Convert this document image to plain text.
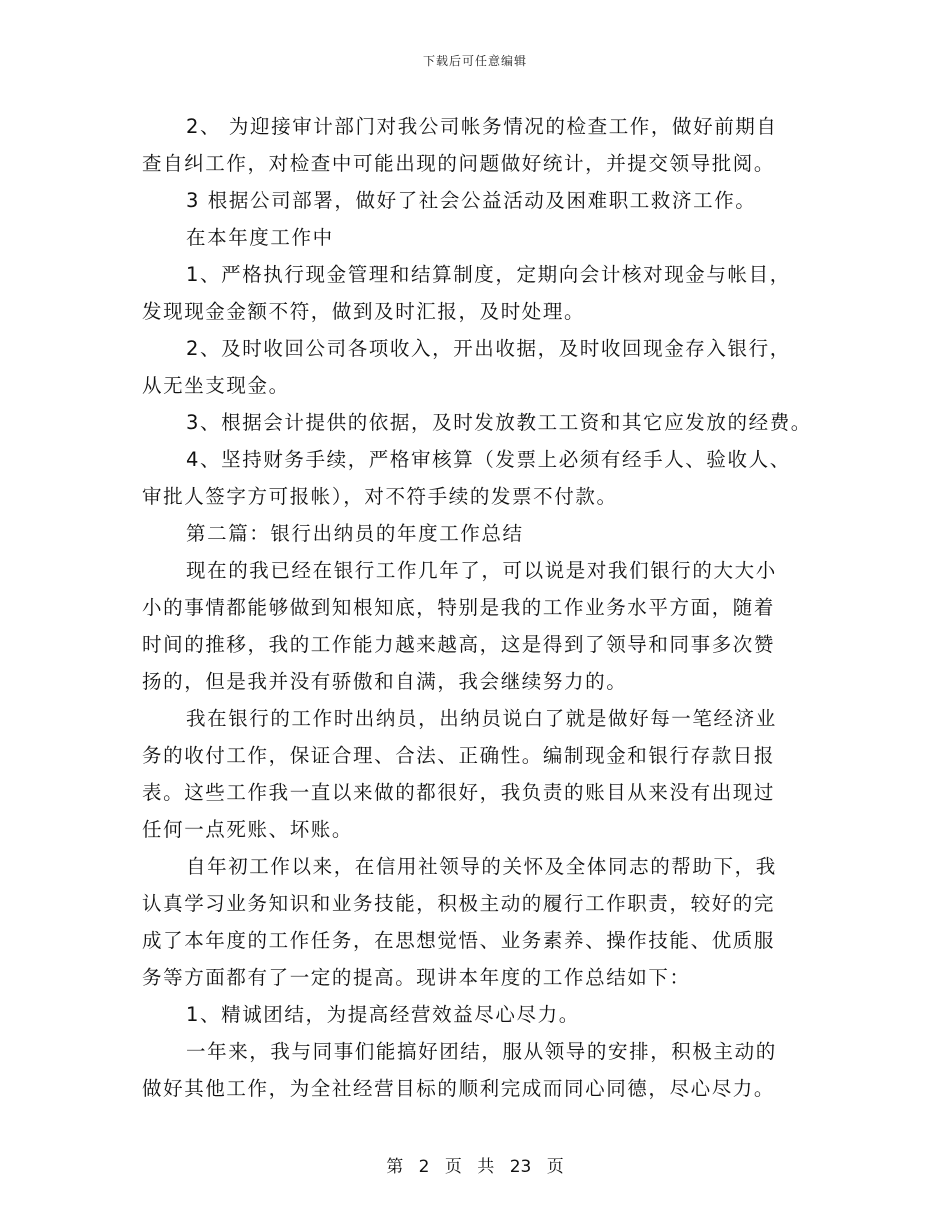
下载后可任意编辑

2、 为迎接审计部门对我公司帐务情况的检查工作，做好前期自

查自纠工作，对检查中可能出现的问题做好统计，并提交领导批阅。

3 根据公司部署，做好了社会公益活动及困难职工救济工作。

在本年度工作中

1、严格执行现金管理和结算制度，定期向会计核对现金与帐目，

发现现金金额不符，做到及时汇报，及时处理。

2、及时收回公司各项收入，开出收据，及时收回现金存入银行，

从无坐支现金。

3、根据会计提供的依据，及时发放教工工资和其它应发放的经费。

4、坚持财务手续，严格审核算（发票上必须有经手人、验收人、

审批人签字方可报帐），对不符手续的发票不付款。

第二篇：银行出纳员的年度工作总结

现在的我已经在银行工作几年了，可以说是对我们银行的大大小

小的事情都能够做到知根知底，特别是我的工作业务水平方面，随着

时间的推移，我的工作能力越来越高，这是得到了领导和同事多次赞

扬的，但是我并没有骄傲和自满，我会继续努力的。

我在银行的工作时出纳员，出纳员说白了就是做好每一笔经济业

务的收付工作，保证合理、合法、正确性。编制现金和银行存款日报

表。这些工作我一直以来做的都很好，我负责的账目从来没有出现过

任何一点死账、坏账。

自年初工作以来，在信用社领导的关怀及全体同志的帮助下，我

认真学习业务知识和业务技能，积极主动的履行工作职责，较好的完

成了本年度的工作任务，在思想觉悟、业务素养、操作技能、优质服

务等方面都有了一定的提高。现讲本年度的工作总结如下：

1、精诚团结，为提高经营效益尽心尽力。

一年来，我与同事们能搞好团结，服从领导的安排，积极主动的

做好其他工作，为全社经营目标的顺利完成而同心同德，尽心尽力。

第 2 页 共 23 页
